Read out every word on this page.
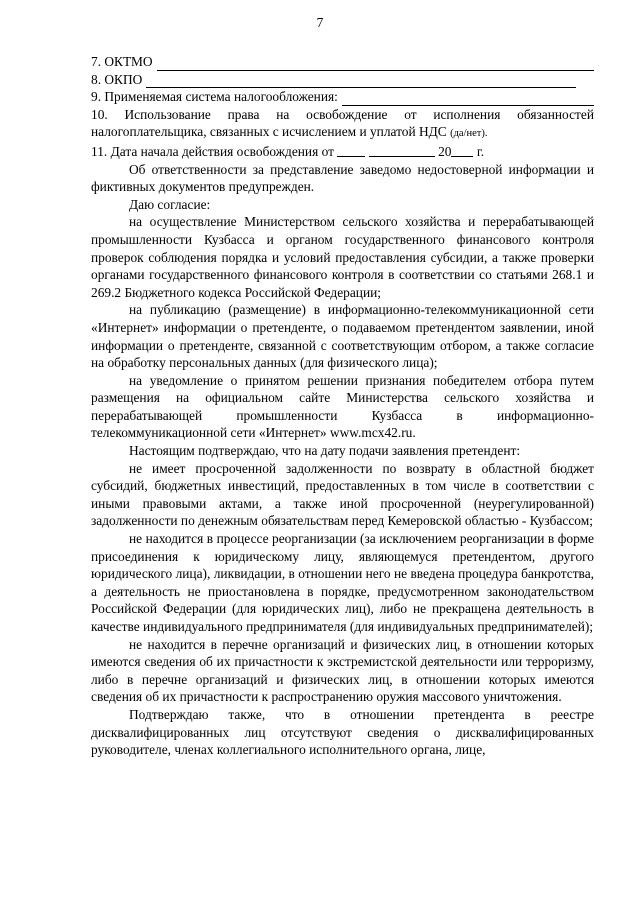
7
7. ОКТМО
8. ОКПО
9. Применяемая система налогообложения:

10. Использование права на освобождение от исполнения обязанностей налогоплательщика, связанных с исчислением и уплатой НДС (да/нет).

11. Дата начала действия освобождения от	20 г.

Об ответственности за представление заведомо недостоверной информации и фиктивных документов предупрежден.

Даю согласие:

на осуществление Министерством сельского хозяйства и перерабатывающей промышленности Кузбасса и органом государственного финансового контроля проверок соблюдения порядка и условий предоставления субсидии, а также проверки органами государственного финансового контроля в соответствии со статьями 268.1 и 269.2 Бюджетного кодекса Российской Федерации;

на публикацию (размещение) в информационно-телекоммуникационной сети «Интернет» информации о претенденте, о подаваемом претендентом заявлении, иной информации о претенденте, связанной с соответствующим отбором, а также согласие на обработку персональных данных (для физического лица);

на уведомление о принятом решении признания победителем отбора путем размещения на официальном сайте Министерства сельского хозяйства и перерабатывающей промышленности Кузбасса в информационно-телекоммуникационной сети «Интернет» www.mcx42.ru.

Настоящим подтверждаю, что на дату подачи заявления претендент:

не имеет просроченной задолженности по возврату в областной бюджет субсидий, бюджетных инвестиций, предоставленных в том числе в соответствии с иными правовыми актами, а также иной просроченной (неурегулированной) задолженности по денежным обязательствам перед Кемеровской областью - Кузбассом;

не находится в процессе реорганизации (за исключением реорганизации в форме присоединения к юридическому лицу, являющемуся претендентом, другого юридического лица), ликвидации, в отношении него не введена процедура банкротства, а деятельность не приостановлена в порядке, предусмотренном законодательством Российской Федерации (для юридических лиц), либо не прекращена деятельность в качестве индивидуального предпринимателя (для индивидуальных предпринимателей);

не находится в перечне организаций и физических лиц, в отношении которых имеются сведения об их причастности к экстремистской деятельности или терроризму, либо в перечне организаций и физических лиц, в отношении которых имеются сведения об их причастности к распространению оружия массового уничтожения.

Подтверждаю также, что в отношении претендента в реестре дисквалифицированных лиц отсутствуют сведения о дисквалифицированных руководителе, членах коллегиального исполнительного органа, лице,
